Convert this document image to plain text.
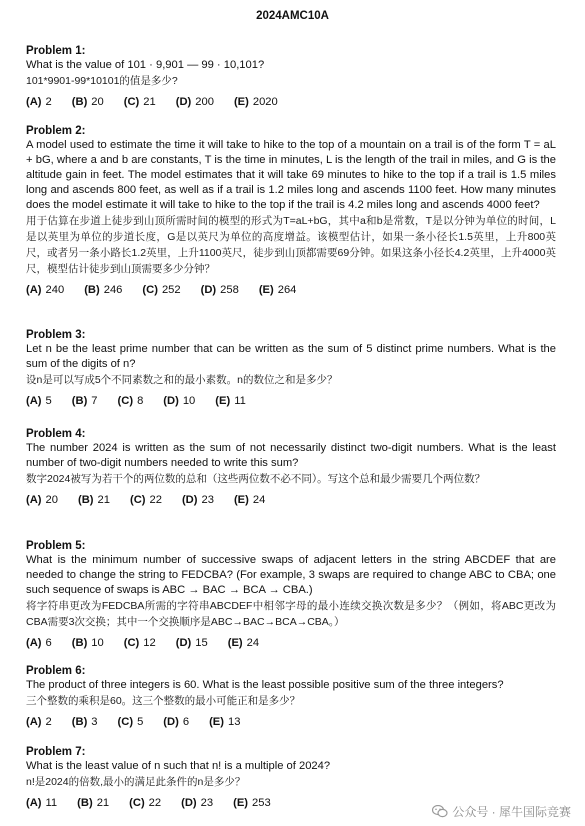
2024AMC10A
Problem 1:
What is the value of 101 · 9,901 — 99 · 10,101?
101*9901-99*10101的值是多少?
(A) 2 (B) 20 (C) 21 (D) 200 (E) 2020
Problem 2:
A model used to estimate the time it will take to hike to the top of a mountain on a trail is of the form T = aL + bG, where a and b are constants, T is the time in minutes, L is the length of the trail in miles, and G is the altitude gain in feet. The model estimates that it will take 69 minutes to hike to the top if a trail is 1.5 miles long and ascends 800 feet, as well as if a trail is 1.2 miles long and ascends 1100 feet. How many minutes does the model estimate it will take to hike to the top if the trail is 4.2 miles long and ascends 4000 feet?
用于估算在步道上徒步到山顶所需时间的模型的形式为T=aL+bG，其中a和b是常数，T是以分钟为单位的时间，L是以英里为单位的步道长度，G是以英尺为单位的高度增益。该模型估计，如果一条小径长1.5英里，上升800英尺，或者另一条小路长1.2英里，上升1100英尺，徒步到山顶都需要69分钟。如果这条小径长4.2英里，上升4000英尺，模型估计徒步到山顶需要多少分钟？
(A) 240 (B) 246 (C) 252 (D) 258 (E) 264
Problem 3:
Let n be the least prime number that can be written as the sum of 5 distinct prime numbers. What is the sum of the digits of n?
设n是可以写成5个不同素数之和的最小素数。n的数位之和是多少？
(A) 5 (B) 7 (C) 8 (D) 10 (E) 11
Problem 4:
The number 2024 is written as the sum of not necessarily distinct two-digit numbers. What is the least number of two-digit numbers needed to write this sum?
数字2024被写为若干个的两位数的总和（这些两位数不必不同）。写这个总和最少需要几个两位数？
(A) 20 (B) 21 (C) 22 (D) 23 (E) 24
Problem 5:
What is the minimum number of successive swaps of adjacent letters in the string ABCDEF that are needed to change the string to FEDCBA? (For example, 3 swaps are required to change ABC to CBA; one such sequence of swaps is ABC → BAC → BCA → CBA.)
将字符串更改为FEDCBA所需的字符串ABCDEF中相邻字母的最小连续交换次数是多少？（例如，将ABC更改为CBA需要3次交换；其中一个交换顺序是ABC→BAC→BCA→CBA。）
(A) 6 (B) 10 (C) 12 (D) 15 (E) 24
Problem 6:
The product of three integers is 60. What is the least possible positive sum of the three integers?
三个整数的乘积是60。这三个整数的最小可能正和是多少？
(A) 2 (B) 3 (C) 5 (D) 6 (E) 13
Problem 7:
What is the least value of n such that n! is a multiple of 2024?
n!是2024的倍数,最小的满足此条件的n是多少？
(A) 11 (B) 21 (C) 22 (D) 23 (E) 253
公众号 · 犀牛国际竞赛
